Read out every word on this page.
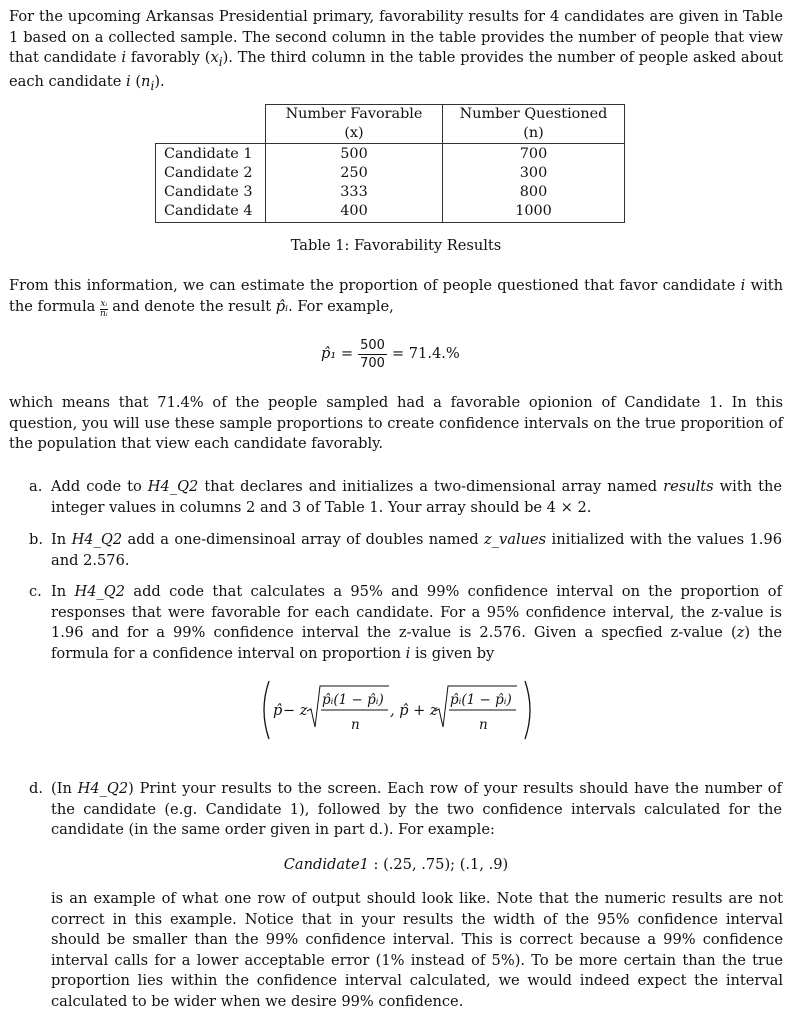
For the upcoming Arkansas Presidential primary, favorability results for 4 candidates are given in Table 1 based on a collected sample. The second column in the table provides the number of people that view that candidate i favorably $(x_i)$. The third column in the table provides the number of people asked about each candidate i $(n_i)$.

	Number Favorable (x)	Number Questioned (n)
Candidate 1	500	700
Candidate 2	250	300
Candidate 3	333	800
Candidate 4	400	1000
Table 1: Favorability Results

From this information, we can estimate the proportion of people questioned that favor candidate i with the formula $\frac{\text{xᵢ}}{\text{nᵢ}}$ and denote the result p̂ᵢ. For example,

p̂₁ = $\frac{500}{700} = 71.4.\%$

which means that 71.4% of the people sampled had a favorable opionion of Candidate 1. In this question, you will use these sample proportions to create confidence intervals on the true proporition of the population that view each candidate favorably.

a. Add code to H4_Q2 that declares and initializes a two-dimensional array named results with the integer values in columns 2 and 3 of Table 1. Your array should be 4 × 2.

b. In H4_Q2 add a one-dimensinoal array of doubles named z_values initialized with the values 1.96 and 2.576.

c. In H4_Q2 add code that calculates a 95% and 99% confidence interval on the proportion of responses that were favorable for each candidate. For a 95% confidence interval, the z-value is 1.96 and for a 99% confidence interval the z-value is 2.576. Given a specfied z-value (z) the formula for a confidence interval on proportion i is given by

d. (In H4_Q2) Print your results to the screen. Each row of your results should have the number of the candidate (e.g. Candidate 1), followed by the two confidence intervals calculated for the candidate (in the same order given in part d.). For example:

p̂ − z
p̂ᵢ(1 − p̂ᵢ)
n
, p̂ + z
p̂ᵢ(1 − p̂ᵢ)
n
Candidate1 : (.25, .75); (.1, .9)

is an example of what one row of output should look like. Note that the numeric results are not correct in this example. Notice that in your results the width of the 95% confidence interval should be smaller than the 99% confidence interval. This is correct because a 99% confidence interval calls for a lower acceptable error (1% instead of 5%). To be more certain than the true proportion lies within the confidence interval calculated, we would indeed expect the interval calculated to be wider when we desire 99% confidence.
